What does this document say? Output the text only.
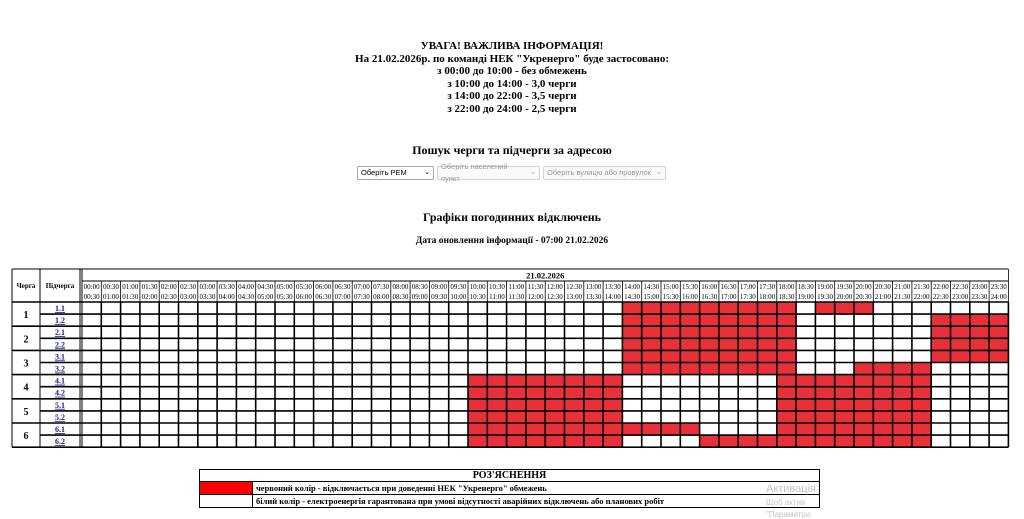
УВАГА! ВАЖЛИВА ІНФОРМАЦІЯ!
На 21.02.2026р. по команді НЕК "Укренерго" буде застосовано:
з 00:00 до 10:00 - без обмежень
з 10:00 до 14:00 - 3,0 черги
з 14:00 до 22:00 - 3,5 черги
з 22:00 до 24:00 - 2,5 черги
Пошук черги та підчерги за адресою
Оберіть РЕМ ⌄
Оберіть населений пункт
⌄ Оберіть вулицю або провулок ⌄
Графіки погодинних відключень
Дата оновлення інформації - 07:00 21.02.2026
00:00
00:30
00:30
01:00
01:00
01:30
01:30
02:00
02:00
02:30
02:30
03:00
03:00
03:30
03:30
04:00
04:00
04:30
04:30
05:00
05:00
05:30
05:30
06:00
06:00
06:30
06:30
07:00
07:00
07:30
07:30
08:00
08:00
08:30
08:30
09:00
09:00
09:30
09:30
10:00
10:00
10:30
10:30
11:00
11:00
11:30
11:30
12:00
12:00
12:30
12:30
13:00
13:00
13:30
13:30
14:00
14:00
14:30
14:30
15:00
15:00
15:30
15:30
16:00
16:00
16:30
16:30
17:00
17:00
17:30
17:30
18:00
18:00
18:30
18:30
19:00
19:00
19:30
19:30
20:00
20:00
20:30
20:30
21:00
21:00
21:30
21:30
22:00
22:00
22:30
22:30
23:00
23:00
23:30
23:30
24:00
21.02.2026
Черга Підчерга
1
1.1
1.2
2
2.1
2.2
3
3.1
3.2
4
4.1
4.2
5
5.1
5.2
6
6.1
6.2
РОЗ'ЯСНЕННЯ
червоний колір - відключається при доведенні НЕК "Укренерго" обмежень
білий колір - електроенергія гарантована при умові відсутності аварійних відключень або планових робіт
Активація
Щоб актив
"Параметри
